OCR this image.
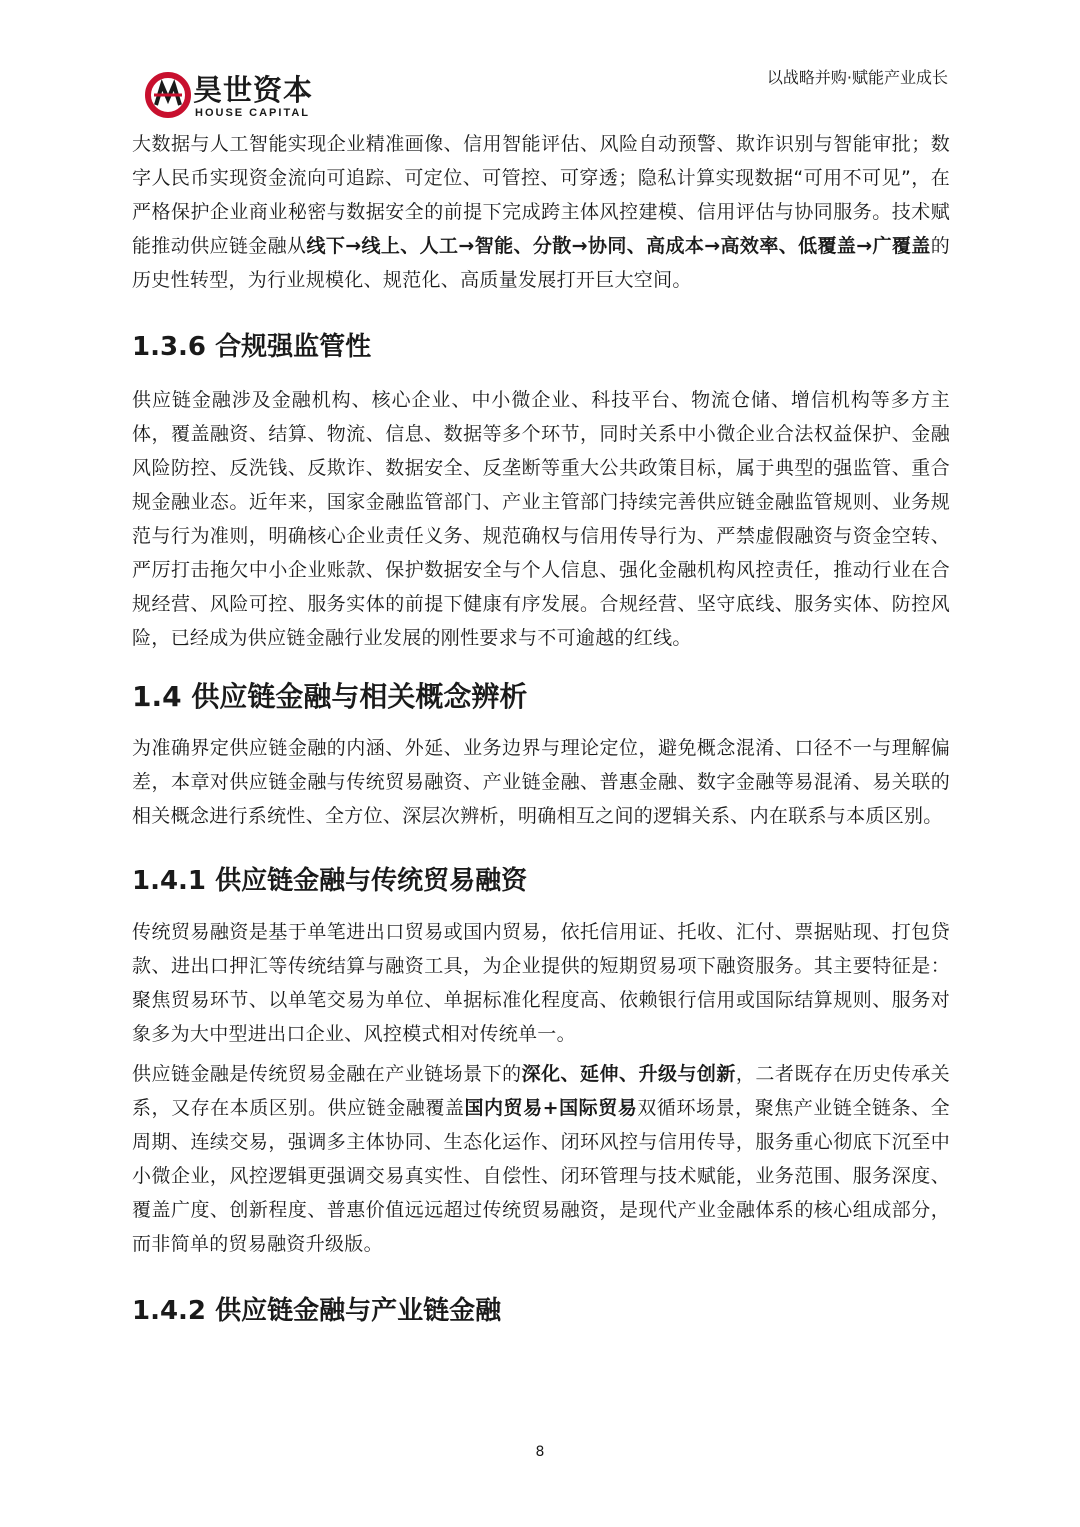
昊世资本
HOUSE CAPITAL
以战略并购·赋能产业成长

大数据与人工智能实现企业精准画像、信用智能评估、风险自动预警、欺诈识别与智能审批；数字人民币实现资金流向可追踪、可定位、可管控、可穿透；隐私计算实现数据“可用不可见”，在严格保护企业商业秘密与数据安全的前提下完成跨主体风控建模、信用评估与协同服务。技术赋能推动供应链金融从线下→线上、人工→智能、分散→协同、高成本→高效率、低覆盖→广覆盖的历史性转型，为行业规模化、规范化、高质量发展打开巨大空间。

1.3.6 合规强监管性

供应链金融涉及金融机构、核心企业、中小微企业、科技平台、物流仓储、增信机构等多方主体，覆盖融资、结算、物流、信息、数据等多个环节，同时关系中小微企业合法权益保护、金融风险防控、反洗钱、反欺诈、数据安全、反垄断等重大公共政策目标，属于典型的强监管、重合规金融业态。近年来，国家金融监管部门、产业主管部门持续完善供应链金融监管规则、业务规范与行为准则，明确核心企业责任义务、规范确权与信用传导行为、严禁虚假融资与资金空转、严厉打击拖欠中小企业账款、保护数据安全与个人信息、强化金融机构风控责任，推动行业在合规经营、风险可控、服务实体的前提下健康有序发展。合规经营、坚守底线、服务实体、防控风险，已经成为供应链金融行业发展的刚性要求与不可逾越的红线。

1.4 供应链金融与相关概念辨析

为准确界定供应链金融的内涵、外延、业务边界与理论定位，避免概念混淆、口径不一与理解偏差，本章对供应链金融与传统贸易融资、产业链金融、普惠金融、数字金融等易混淆、易关联的相关概念进行系统性、全方位、深层次辨析，明确相互之间的逻辑关系、内在联系与本质区别。

1.4.1 供应链金融与传统贸易融资

传统贸易融资是基于单笔进出口贸易或国内贸易，依托信用证、托收、汇付、票据贴现、打包贷款、进出口押汇等传统结算与融资工具，为企业提供的短期贸易项下融资服务。其主要特征是：聚焦贸易环节、以单笔交易为单位、单据标准化程度高、依赖银行信用或国际结算规则、服务对象多为大中型进出口企业、风控模式相对传统单一。

供应链金融是传统贸易金融在产业链场景下的深化、延伸、升级与创新，二者既存在历史传承关系，又存在本质区别。供应链金融覆盖国内贸易+国际贸易双循环场景，聚焦产业链全链条、全周期、连续交易，强调多主体协同、生态化运作、闭环风控与信用传导，服务重心彻底下沉至中小微企业，风控逻辑更强调交易真实性、自偿性、闭环管理与技术赋能，业务范围、服务深度、覆盖广度、创新程度、普惠价值远远超过传统贸易融资，是现代产业金融体系的核心组成部分，而非简单的贸易融资升级版。

1.4.2 供应链金融与产业链金融
8
